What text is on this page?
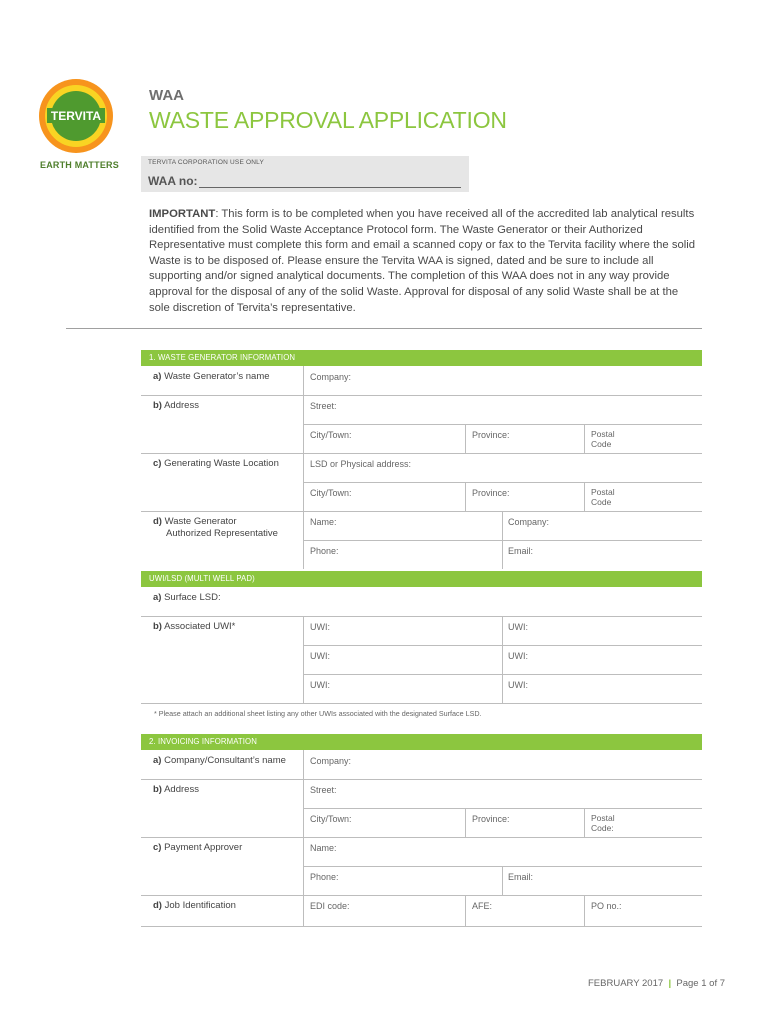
TERVITA
EARTH MATTERS
WAA
WASTE APPROVAL APPLICATION
TERVITA CORPORATION USE ONLY
WAA no:
IMPORTANT: This form is to be completed when you have received all of the accredited lab analytical results identified from the Solid Waste Acceptance Protocol form. The Waste Generator or their Authorized Representative must complete this form and email a scanned copy or fax to the Tervita facility where the solid Waste is to be disposed of. Please ensure the Tervita WAA is signed, dated and be sure to include all supporting and/or signed analytical documents. The completion of this WAA does not in any way provide approval for the disposal of any of the solid Waste. Approval for disposal of any solid Waste shall be at the sole discretion of Tervita’s representative.
1. WASTE GENERATOR INFORMATION
a) Waste Generator’s name	Company:
b) Address	Street:
City/Town:	Province:	Postal
Code
c) Generating Waste Location	LSD or Physical address:
City/Town:	Province:	Postal
Code
d) Waste Generator
Authorized Representative
Name:	Company:
Phone:	Email:
UWI/LSD (MULTI WELL PAD)
a) Surface LSD:
b) Associated UWI*	UWI:	UWI:
UWI:	UWI:
UWI:	UWI:
* Please attach an additional sheet listing any other UWIs associated with the designated Surface LSD.
2. INVOICING INFORMATION
a) Company/Consultant’s name	Company:
b) Address	Street:
City/Town:	Province:	Postal
Code:
c) Payment Approver	Name:
Phone:	Email:
d) Job Identification	EDI code:	AFE:	PO no.:
FEBRUARY 2017 | Page 1 of 7
